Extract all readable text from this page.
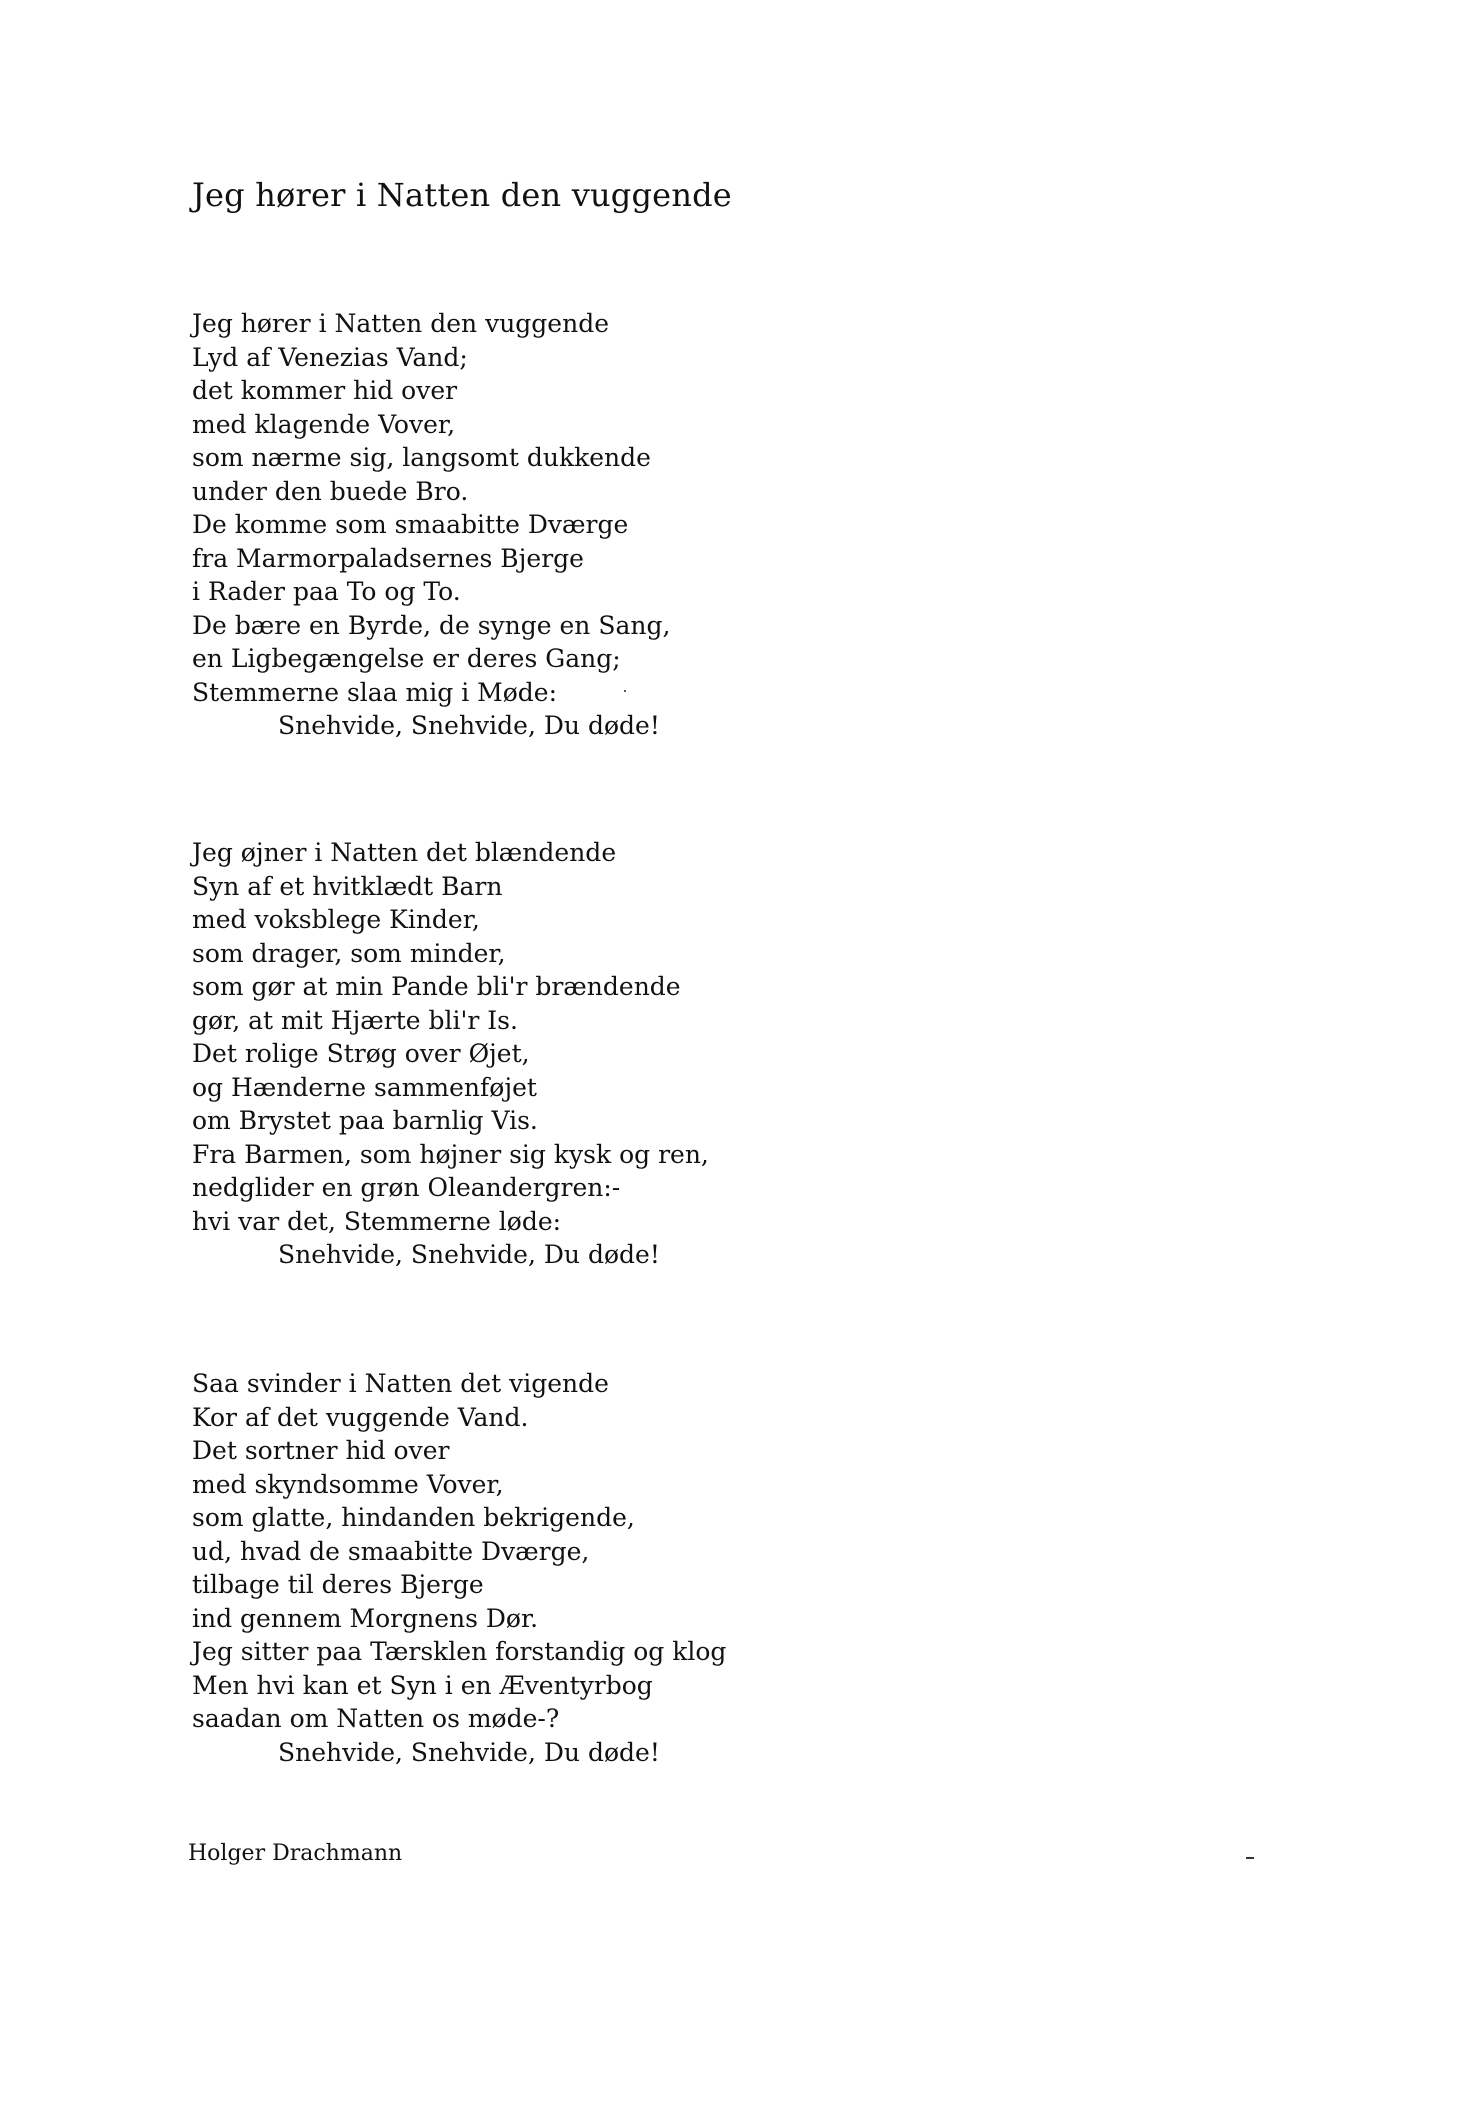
Jeg hører i Natten den vuggende
Jeg hører i Natten den vuggende
Lyd af Venezias Vand;
det kommer hid over
med klagende Vover,
som nærme sig, langsomt dukkende
under den buede Bro.
De komme som smaabitte Dværge
fra Marmorpaladsernes Bjerge
i Rader paa To og To.
De bære en Byrde, de synge en Sang,
en Ligbegængelse er deres Gang;
Stemmerne slaa mig i Møde:
Snehvide, Snehvide, Du døde!
Jeg øjner i Natten det blændende
Syn af et hvitklædt Barn
med voksblege Kinder,
som drager, som minder,
som gør at min Pande bli'r brændende
gør, at mit Hjærte bli'r Is.
Det rolige Strøg over Øjet,
og Hænderne sammenføjet
om Brystet paa barnlig Vis.
Fra Barmen, som højner sig kysk og ren,
nedglider en grøn Oleandergren:-
hvi var det, Stemmerne løde:
Snehvide, Snehvide, Du døde!
Saa svinder i Natten det vigende
Kor af det vuggende Vand.
Det sortner hid over
med skyndsomme Vover,
som glatte, hindanden bekrigende,
ud, hvad de smaabitte Dværge,
tilbage til deres Bjerge
ind gennem Morgnens Dør.
Jeg sitter paa Tærsklen forstandig og klog
Men hvi kan et Syn i en Æventyrbog
saadan om Natten os møde-?
Snehvide, Snehvide, Du døde!

Holger Drachmann
